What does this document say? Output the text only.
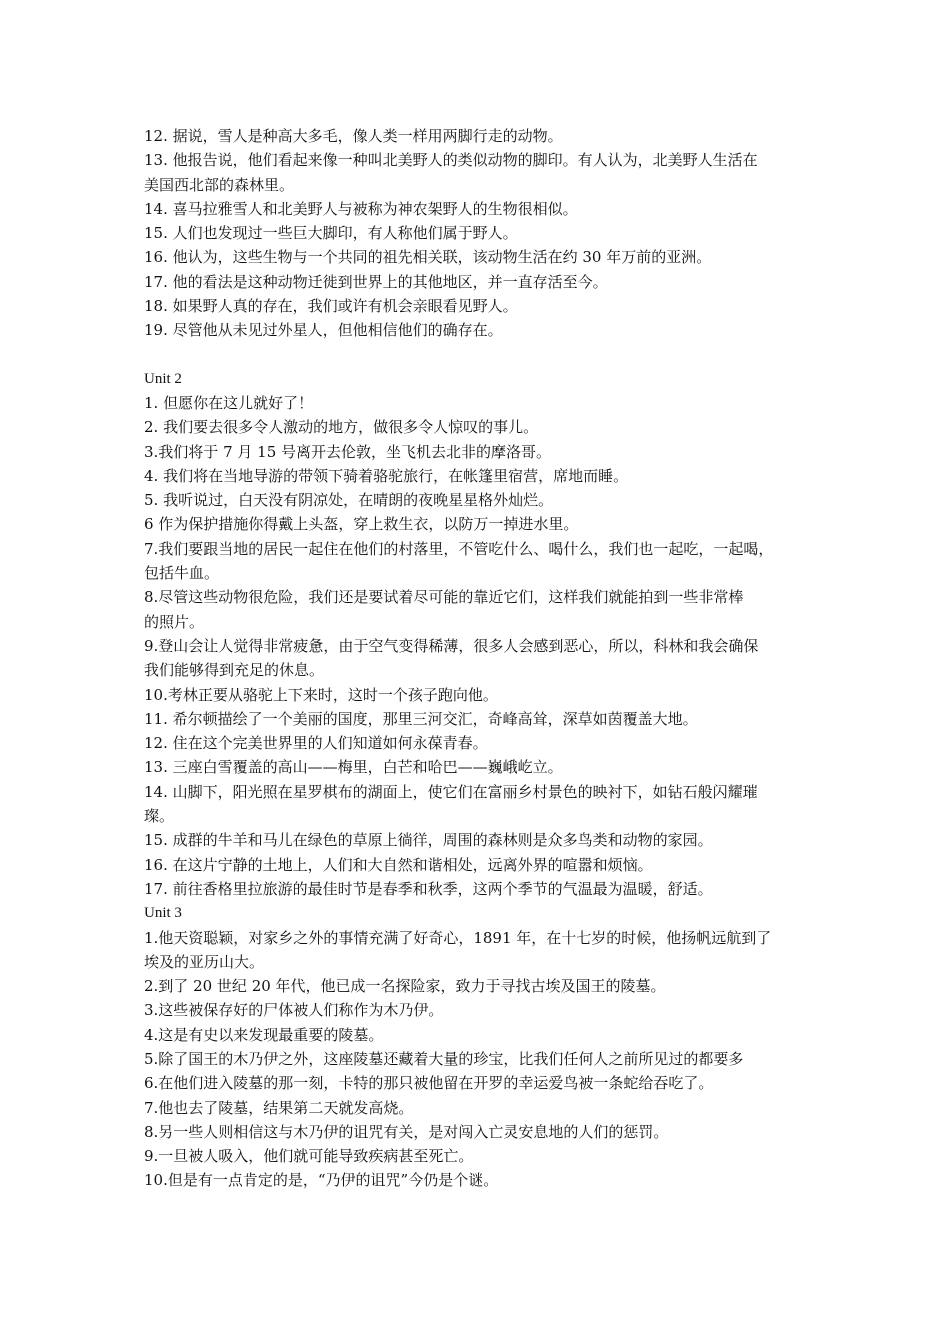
12. 据说，雪人是种高大多毛，像人类一样用两脚行走的动物。
13. 他报告说，他们看起来像一种叫北美野人的类似动物的脚印。有人认为，北美野人生活在
美国西北部的森林里。
14. 喜马拉雅雪人和北美野人与被称为神农架野人的生物很相似。
15. 人们也发现过一些巨大脚印，有人称他们属于野人。
16. 他认为，这些生物与一个共同的祖先相关联，该动物生活在约 30 年万前的亚洲。
17. 他的看法是这种动物迁徙到世界上的其他地区，并一直存活至今。
18. 如果野人真的存在，我们或许有机会亲眼看见野人。
19. 尽管他从未见过外星人，但他相信他们的确存在。
Unit 2
1. 但愿你在这儿就好了！
2. 我们要去很多令人激动的地方，做很多令人惊叹的事儿。
3.我们将于 7 月 15 号离开去伦敦，坐飞机去北非的摩洛哥。
4. 我们将在当地导游的带领下骑着骆驼旅行，在帐篷里宿营，席地而睡。
5. 我听说过，白天没有阴凉处，在晴朗的夜晚星星格外灿烂。
6 作为保护措施你得戴上头盔，穿上救生衣，以防万一掉进水里。
7.我们要跟当地的居民一起住在他们的村落里，不管吃什么、喝什么，我们也一起吃，一起喝，
包括牛血。
8.尽管这些动物很危险，我们还是要试着尽可能的靠近它们，这样我们就能拍到一些非常棒
的照片。
9.登山会让人觉得非常疲惫，由于空气变得稀薄，很多人会感到恶心，所以，科林和我会确保
我们能够得到充足的休息。
10.考林正要从骆驼上下来时，这时一个孩子跑向他。
11. 希尔顿描绘了一个美丽的国度，那里三河交汇，奇峰高耸，深草如茵覆盖大地。
12. 住在这个完美世界里的人们知道如何永葆青春。
13. 三座白雪覆盖的高山——梅里，白芒和哈巴——巍峨屹立。
14. 山脚下，阳光照在星罗棋布的湖面上，使它们在富丽乡村景色的映衬下，如钻石般闪耀璀
璨。
15. 成群的牛羊和马儿在绿色的草原上徜徉，周围的森林则是众多鸟类和动物的家园。
16. 在这片宁静的土地上，人们和大自然和谐相处，远离外界的喧嚣和烦恼。
17. 前往香格里拉旅游的最佳时节是春季和秋季，这两个季节的气温最为温暖，舒适。
Unit 3
1.他天资聪颖，对家乡之外的事情充满了好奇心，1891 年，在十七岁的时候，他扬帆远航到了
埃及的亚历山大。
2.到了 20 世纪 20 年代，他已成一名探险家，致力于寻找古埃及国王的陵墓。
3.这些被保存好的尸体被人们称作为木乃伊。
4.这是有史以来发现最重要的陵墓。
5.除了国王的木乃伊之外，这座陵墓还藏着大量的珍宝，比我们任何人之前所见过的都要多
6.在他们进入陵墓的那一刻，卡特的那只被他留在开罗的幸运爱鸟被一条蛇给吞吃了。
7.他也去了陵墓，结果第二天就发高烧。
8.另一些人则相信这与木乃伊的诅咒有关，是对闯入亡灵安息地的人们的惩罚。
9.一旦被人吸入，他们就可能导致疾病甚至死亡。
10.但是有一点肯定的是，“乃伊的诅咒”今仍是个谜。
